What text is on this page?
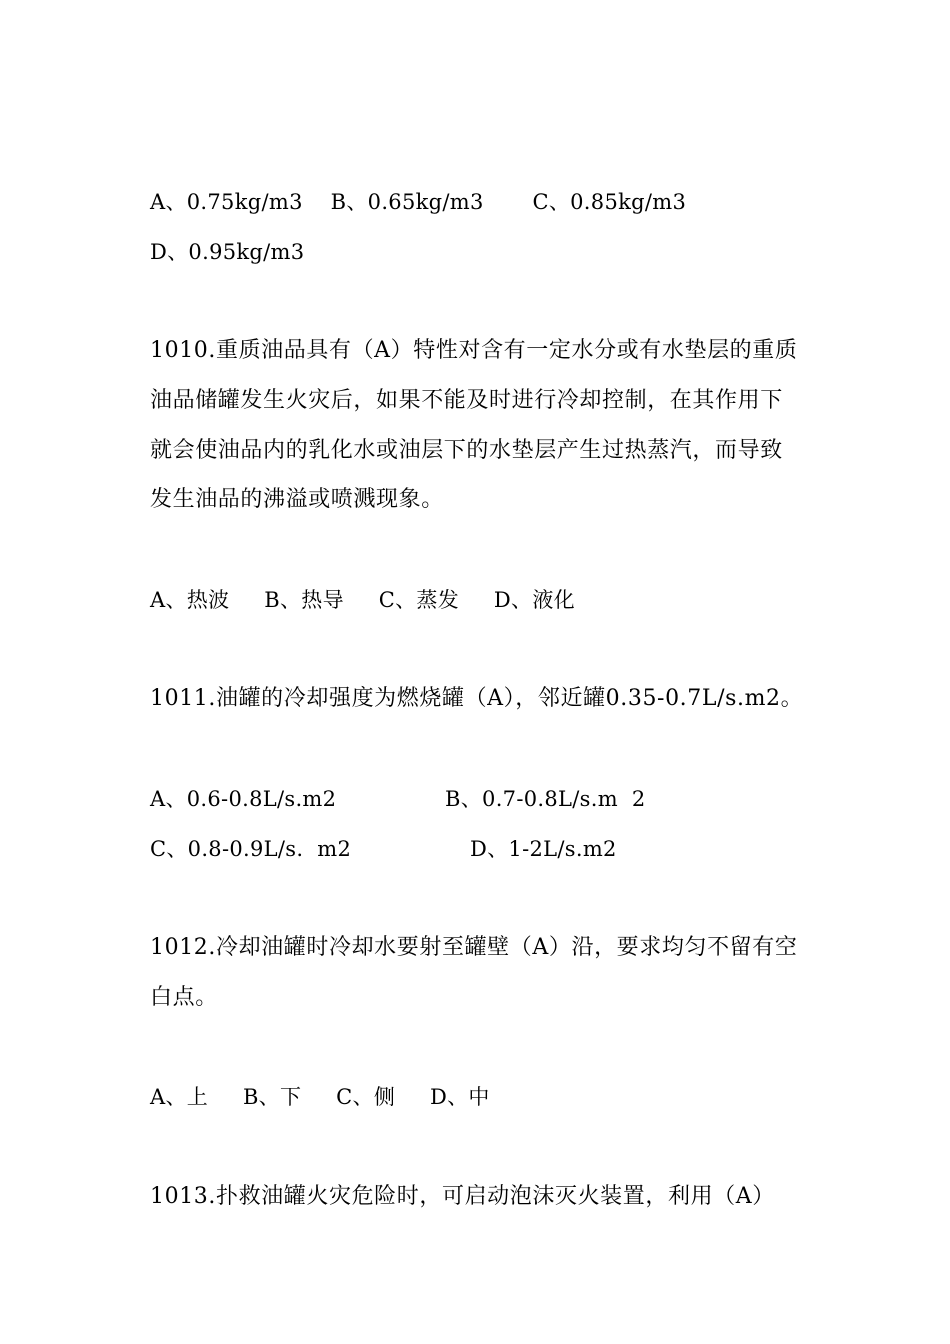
A、0.75kg/m3    B、0.65kg/m3       C、0.85kg/m3
D、0.95kg/m3
1010.重质油品具有（A）特性对含有一定水分或有水垫层的重质
油品储罐发生火灾后，如果不能及时进行冷却控制，在其作用下
就会使油品内的乳化水或油层下的水垫层产生过热蒸汽，而导致
发生油品的沸溢或喷溅现象。
A、热波     B、热导     C、蒸发     D、液化
1011.油罐的冷却强度为燃烧罐（A），邻近罐0.35-0.7L/s.m2。
A、0.6-0.8L/s.m2	B、0.7-0.8L/s.m  2
C、0.8-0.9L/s.  m2	D、1-2L/s.m2
1012.冷却油罐时冷却水要射至罐壁（A）沿，要求均匀不留有空
白点。
A、上     B、下     C、侧     D、中
1013.扑救油罐火灾危险时，可启动泡沫灭火装置，利用（A）
